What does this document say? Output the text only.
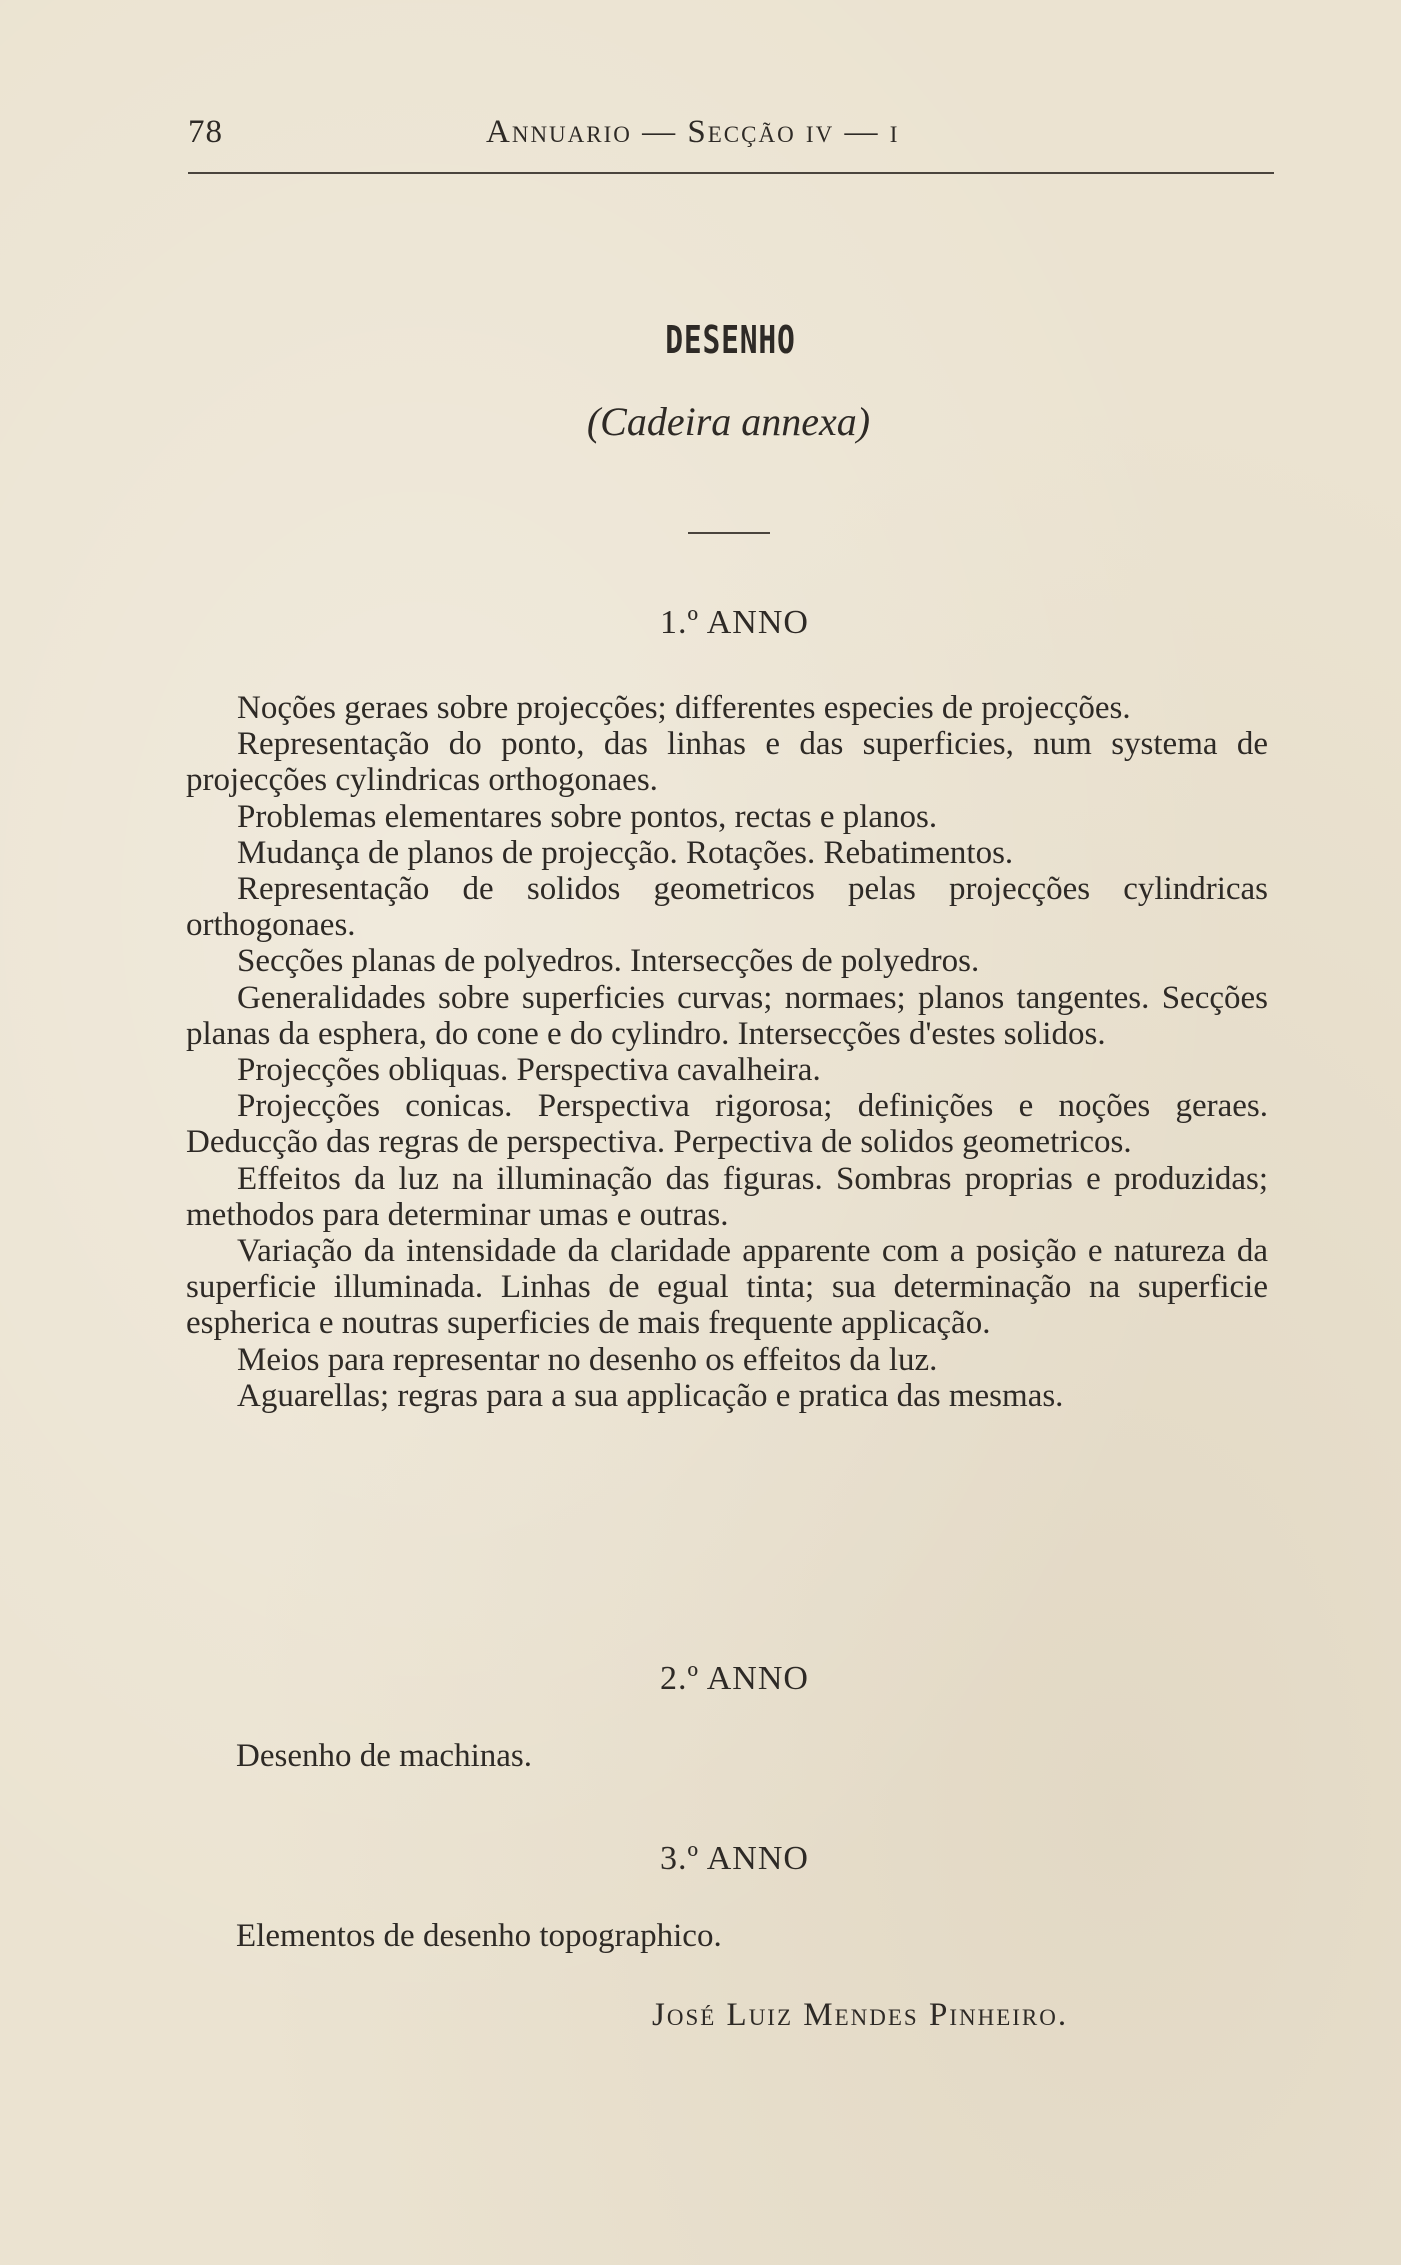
78	Annuario — Secção iv — i
DESENHO
(Cadeira annexa)
1.º ANNO

Noções geraes sobre projecções; differentes especies de projecções.

Representação do ponto, das linhas e das superficies, num systema de projecções cylindricas orthogonaes.

Problemas elementares sobre pontos, rectas e planos.

Mudança de planos de projecção. Rotações. Rebatimentos.

Representação de solidos geometricos pelas projecções cylindricas orthogonaes.

Secções planas de polyedros. Intersecções de polyedros.

Generalidades sobre superficies curvas; normaes; planos tangentes. Secções planas da esphera, do cone e do cylindro. Intersecções d'estes solidos.

Projecções obliquas. Perspectiva cavalheira.

Projecções conicas. Perspectiva rigorosa; definições e noções geraes. Deducção das regras de perspectiva. Perpectiva de solidos geometricos.

Effeitos da luz na illuminação das figuras. Sombras proprias e produzidas; methodos para determinar umas e outras.

Variação da intensidade da claridade apparente com a posição e natureza da superficie illuminada. Linhas de egual tinta; sua determinação na superficie espherica e noutras superficies de mais frequente applicação.

Meios para representar no desenho os effeitos da luz.

Aguarellas; regras para a sua applicação e pratica das mesmas.

2.º ANNO
Desenho de machinas.
3.º ANNO
Elementos de desenho topographico.
José Luiz Mendes Pinheiro.
